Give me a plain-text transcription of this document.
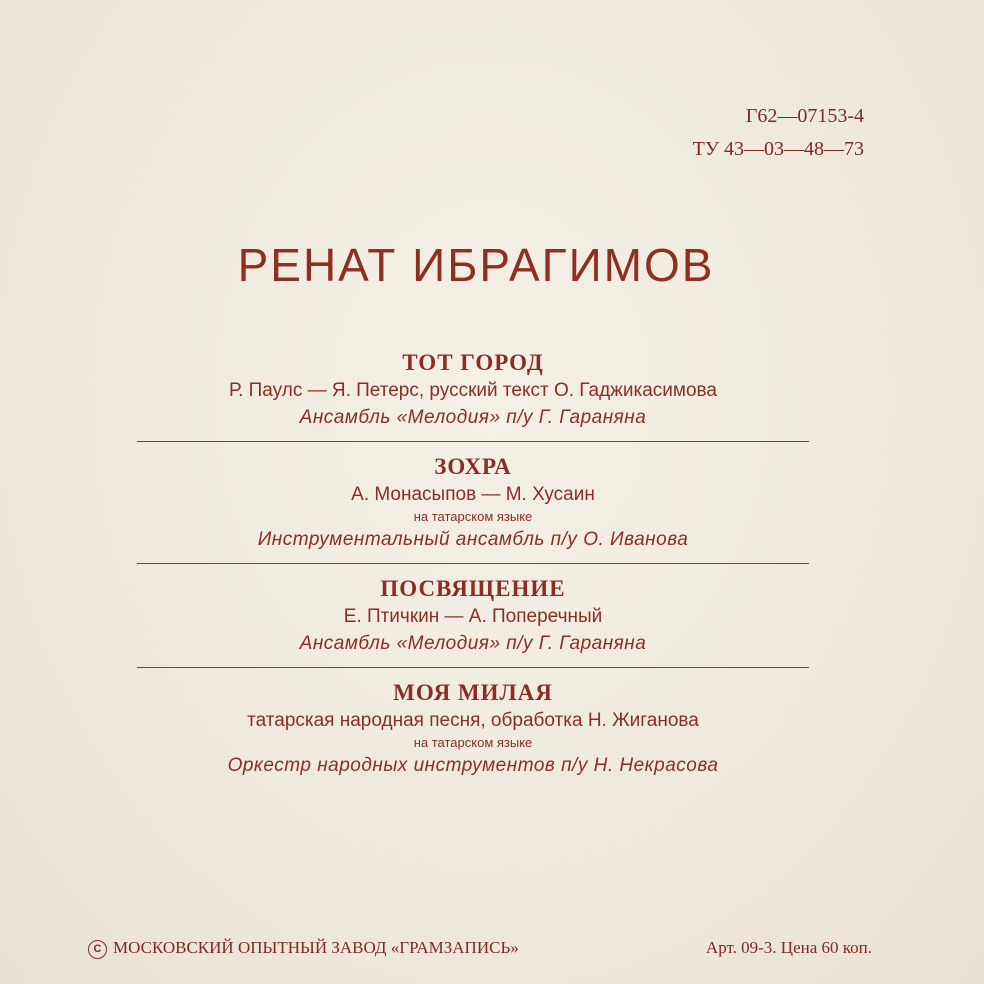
Г62—07153-4
ТУ 43—03—48—73
РЕНАТ ИБРАГИМОВ
ТОТ ГОРОД
Р. Паулс — Я. Петерс, русский текст О. Гаджикасимова
Ансамбль «Мелодия» п/у Г. Гараняна
ЗОХРА
А. Монасыпов — М. Хусаин
на татарском языке
Инструментальный ансамбль п/у О. Иванова
ПОСВЯЩЕНИЕ
Е. Птичкин — А. Поперечный
Ансамбль «Мелодия» п/у Г. Гараняна
МОЯ МИЛАЯ
татарская народная песня, обработка Н. Жиганова
на татарском языке
Оркестр народных инструментов п/у Н. Некрасова
C МОСКОВСКИЙ ОПЫТНЫЙ ЗАВОД «ГРАМЗАПИСЬ»	Арт. 09-3. Цена 60 коп.
